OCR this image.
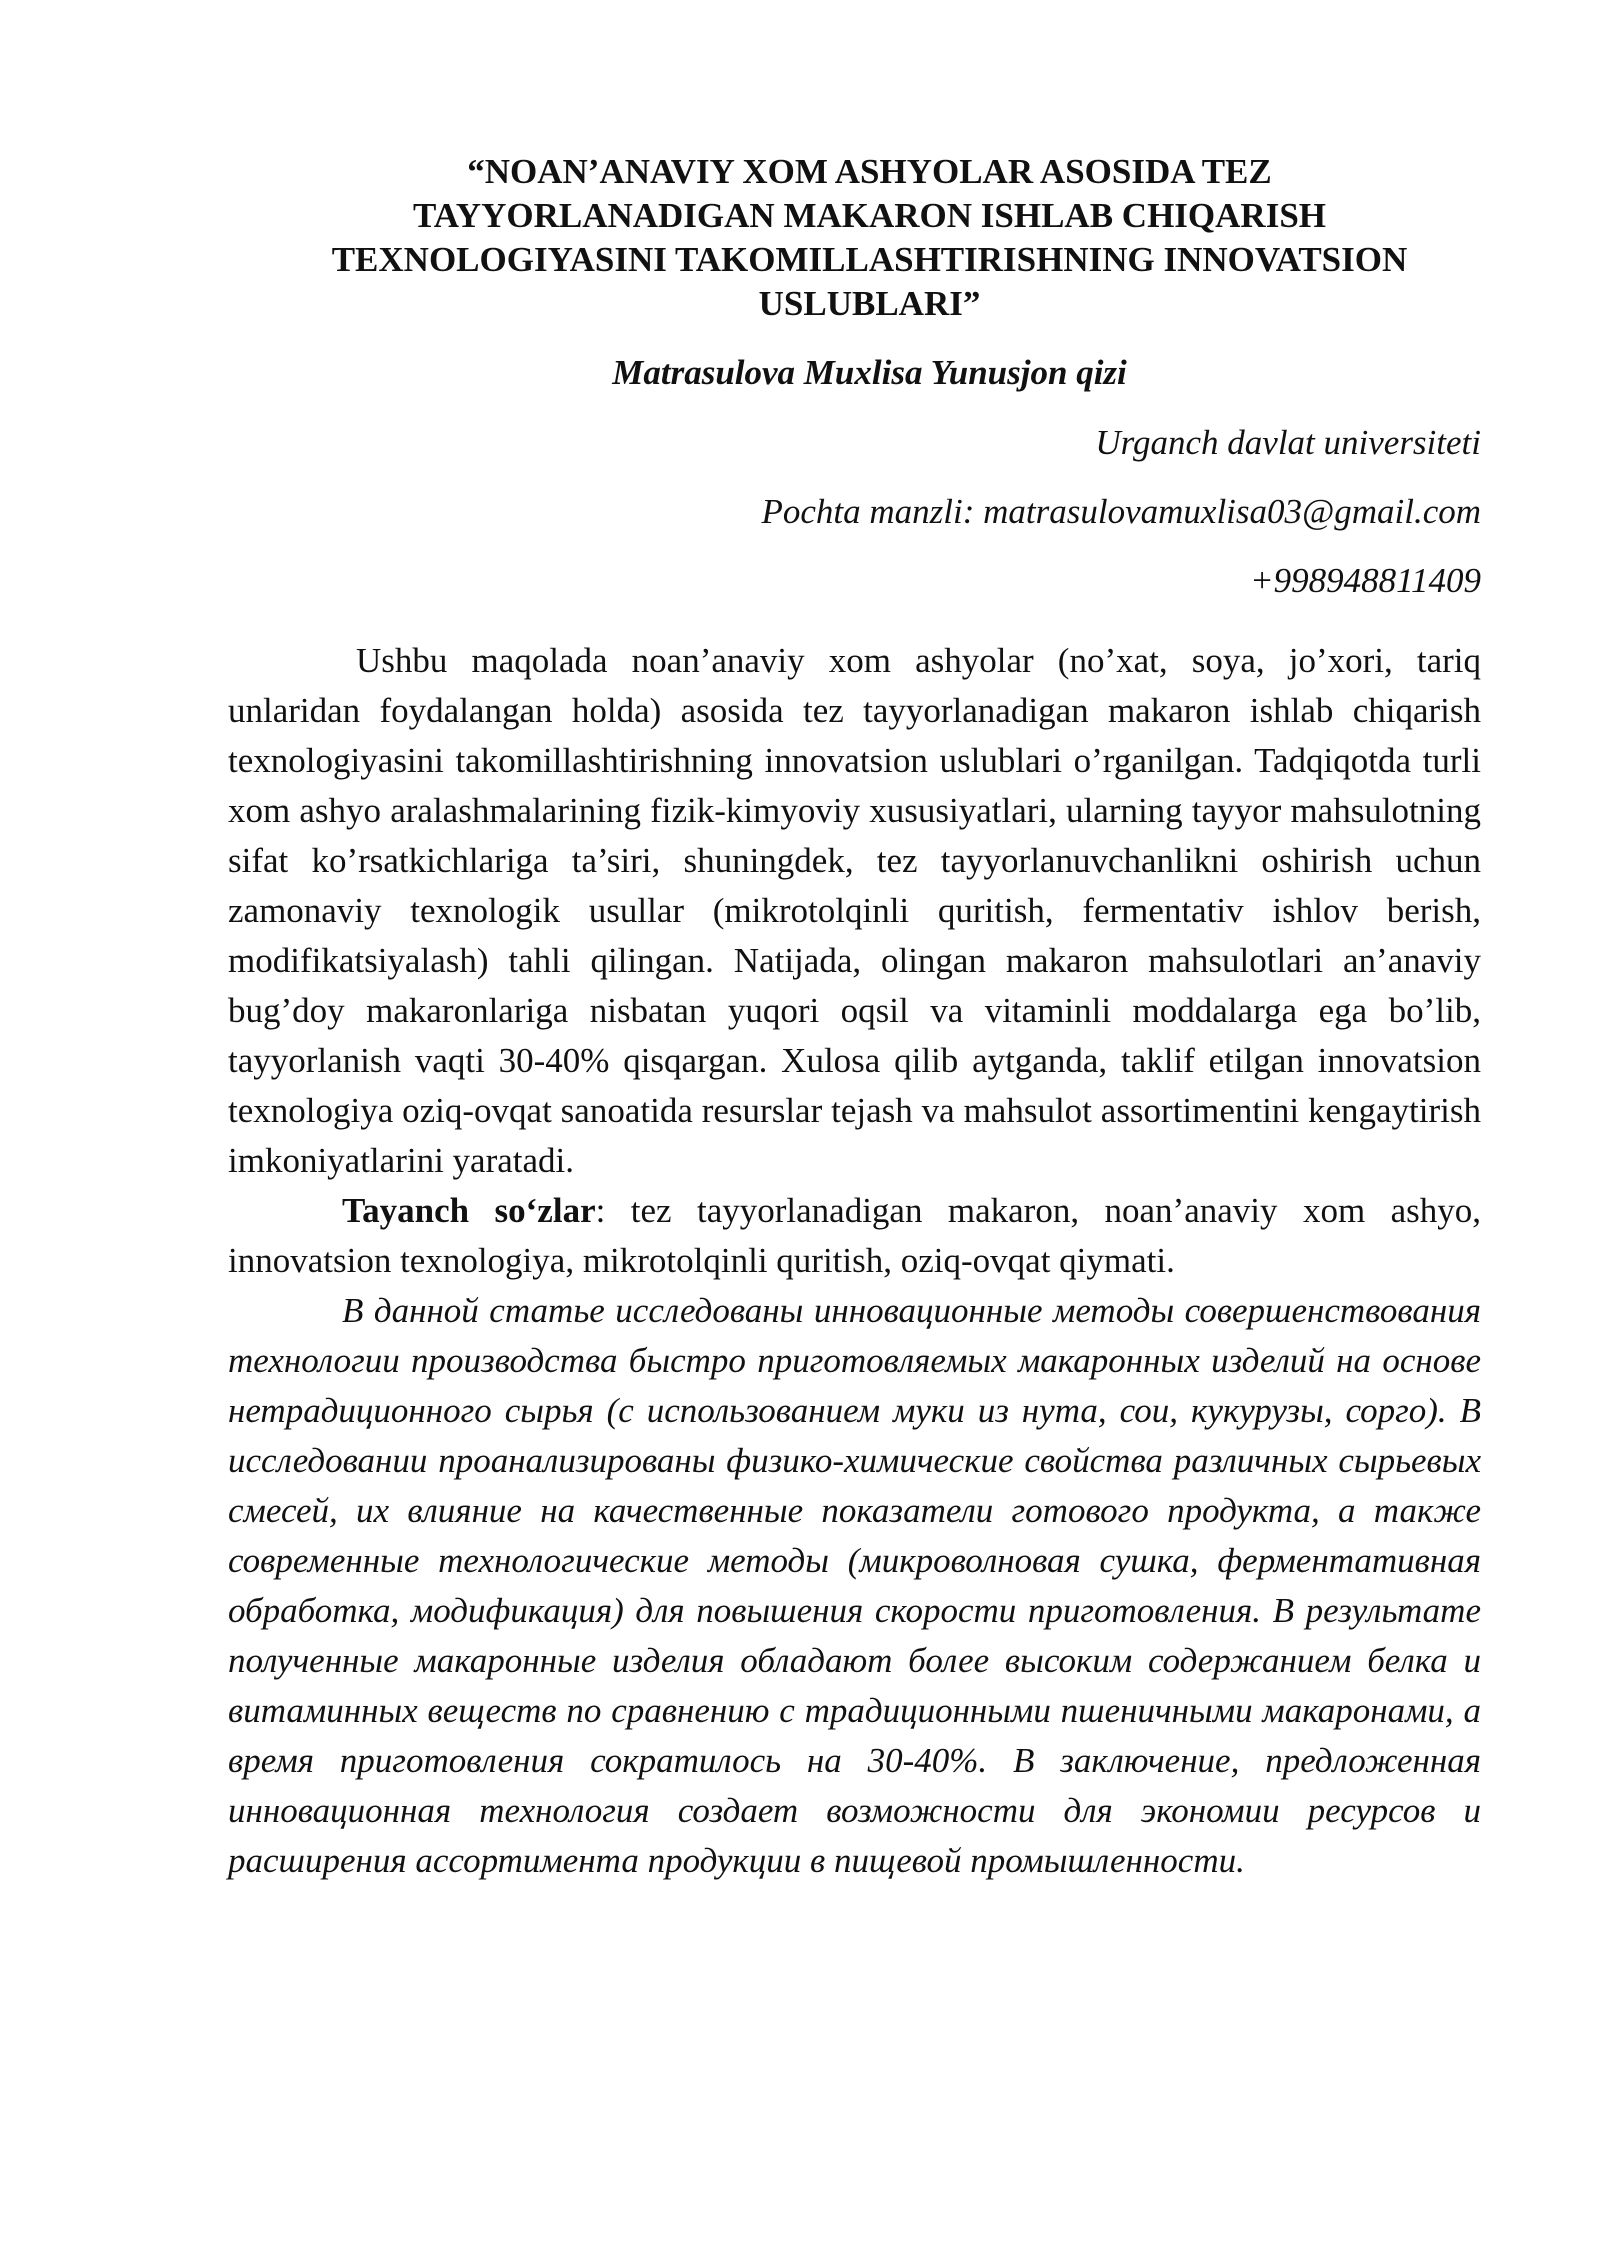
“NOAN’ANAVIY XOM ASHYOLAR ASOSIDA TEZ
TAYYORLANADIGAN MAKARON ISHLAB CHIQARISH
TEXNOLOGIYASINI TAKOMILLASHTIRISHNING INNOVATSION
USLUBLARI”

Matrasulova Muxlisa Yunusjon qizi

Urganch davlat universiteti

Pochta manzli: matrasulovamuxlisa03@gmail.com

+998948811409

Ushbu maqolada noan’anaviy xom ashyolar (no’xat, soya, jo’xori, tariq unlaridan foydalangan holda) asosida tez tayyorlanadigan makaron ishlab chiqarish texnologiyasini takomillashtirishning innovatsion uslublari o’rganilgan. Tadqiqotda turli xom ashyo aralashmalarining fizik-kimyoviy xususiyatlari, ularning tayyor mahsulotning sifat ko’rsatkichlariga ta’siri, shuningdek, tez tayyorlanuvchanlikni oshirish uchun zamonaviy texnologik usullar (mikrotolqinli quritish, fermentativ ishlov berish, modifikatsiyalash) tahli qilingan. Natijada, olingan makaron mahsulotlari an’anaviy bug’doy makaronlariga nisbatan yuqori oqsil va vitaminli moddalarga ega bo’lib, tayyorlanish vaqti 30-40% qisqargan. Xulosa qilib aytganda, taklif etilgan innovatsion texnologiya oziq-ovqat sanoatida resurslar tejash va mahsulot assortimentini kengaytirish imkoniyatlarini yaratadi.

Tayanch so‘zlar: tez tayyorlanadigan makaron, noan’anaviy xom ashyo, innovatsion texnologiya, mikrotolqinli quritish, oziq-ovqat qiymati.

В данной статье исследованы инновационные методы совершенствования технологии производства быстро приготовляемых макаронных изделий на основе нетрадиционного сырья (с использованием муки из нута, сои, кукурузы, сорго). В исследовании проанализированы физико-химические свойства различных сырьевых смесей, их влияние на качественные показатели готового продукта, а также современные технологические методы (микроволновая сушка, ферментативная обработка, модификация) для повышения скорости приготовления. В результате полученные макаронные изделия обладают более высоким содержанием белка и витаминных веществ по сравнению с традиционными пшеничными макаронами, а время приготовления сократилось на 30-40%. В заключение, предложенная инновационная технология создает возможности для экономии ресурсов и расширения ассортимента продукции в пищевой промышленности.
